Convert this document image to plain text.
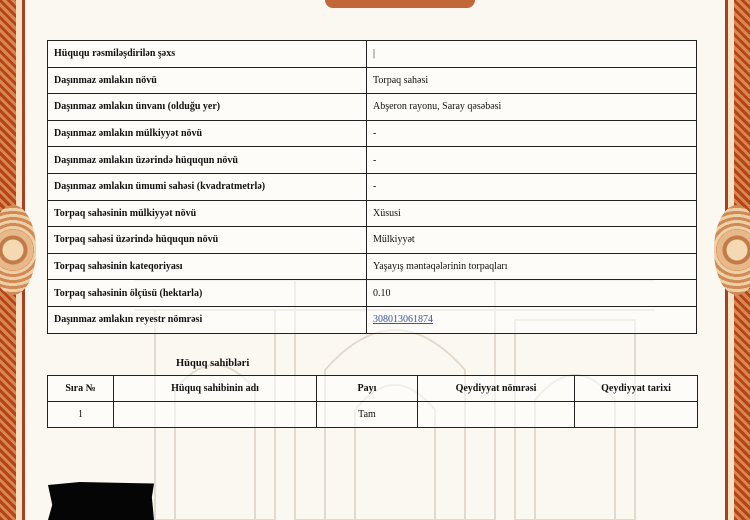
Hüququ rəsmiləşdirilən şəxs	|
Daşınmaz əmlakın növü	Torpaq sahəsi
Daşınmaz əmlakın ünvanı (olduğu yer)	Abşeron rayonu, Saray qəsəbəsi
Daşınmaz əmlakın mülkiyyət növü	-
Daşınmaz əmlakın üzərində hüququn növü	-
Daşınmaz əmlakın ümumi sahəsi (kvadratmetrlə)	-
Torpaq sahəsinin mülkiyyət növü	Xüsusi
Torpaq sahəsi üzərində hüququn növü	Mülkiyyət
Torpaq sahəsinin kateqoriyası	Yaşayış məntəqələrinin torpaqları
Torpaq sahəsinin ölçüsü (hektarla)	0.10
Daşınmaz əmlakın reyestr nömrəsi	308013061874
Hüquq sahibləri
Sıra №	Hüquq sahibinin adı	Payı	Qeydiyyat nömrəsi	Qeydiyyat tarixi
1		Tam		
